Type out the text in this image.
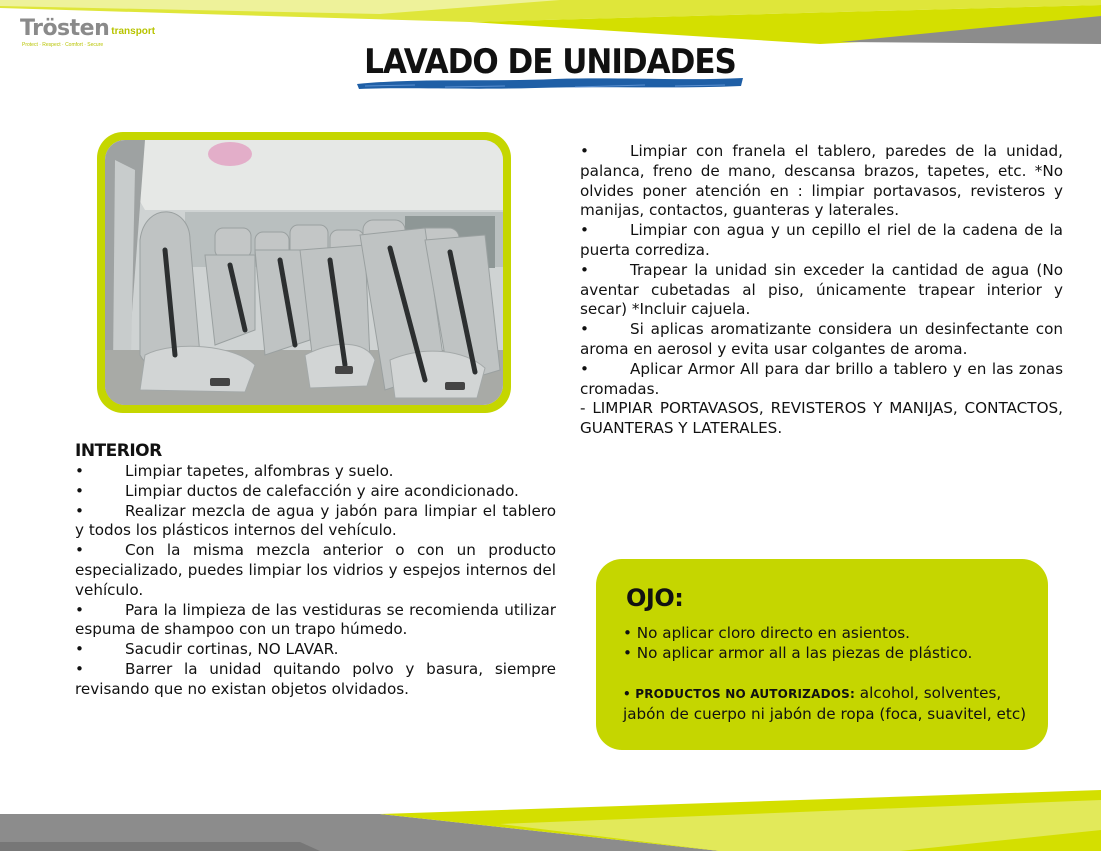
Trösten transport
Protect · Respect · Comfort · Secure	LAVADO DE UNIDADES
INTERIOR

•	Limpiar tapetes, alfombras y suelo.

•	Limpiar ductos de calefacción y aire acondicionado.

•	Realizar mezcla de agua y jabón para limpiar el tablero y todos los plásticos internos del vehículo.

•	Con la misma mezcla anterior o con un producto especializado, puedes limpiar los vidrios y espejos internos del vehículo.

•	Para la limpieza de las vestiduras se recomienda utilizar espuma de shampoo con un trapo húmedo.

•	Sacudir cortinas, NO LAVAR.

•	Barrer la unidad quitando polvo y basura, siempre revisando que no existan objetos olvidados.

•	Limpiar con franela el tablero, paredes de la unidad, palanca, freno de mano, descansa brazos, tapetes, etc. *No olvides poner atención en : limpiar portavasos, revisteros y manijas, contactos, guanteras y laterales.

•	Limpiar con agua y un cepillo el riel de la cadena de la puerta corrediza.

•	Trapear la unidad sin exceder la cantidad de agua (No aventar cubetadas al piso, únicamente trapear interior y secar) *Incluir cajuela.

•	Si aplicas aromatizante considera un desinfectante con aroma en aerosol y evita usar colgantes de aroma.

•	Aplicar Armor All para dar brillo a tablero y en las zonas cromadas.

- LIMPIAR PORTAVASOS, REVISTEROS Y MANIJAS, CONTACTOS, GUANTERAS Y LATERALES.

OJO:

• No aplicar cloro directo en asientos.

• No aplicar armor all a las piezas de plástico.

• PRODUCTOS NO AUTORIZADOS: alcohol, solventes, jabón de cuerpo ni jabón de ropa (foca, suavitel, etc)
